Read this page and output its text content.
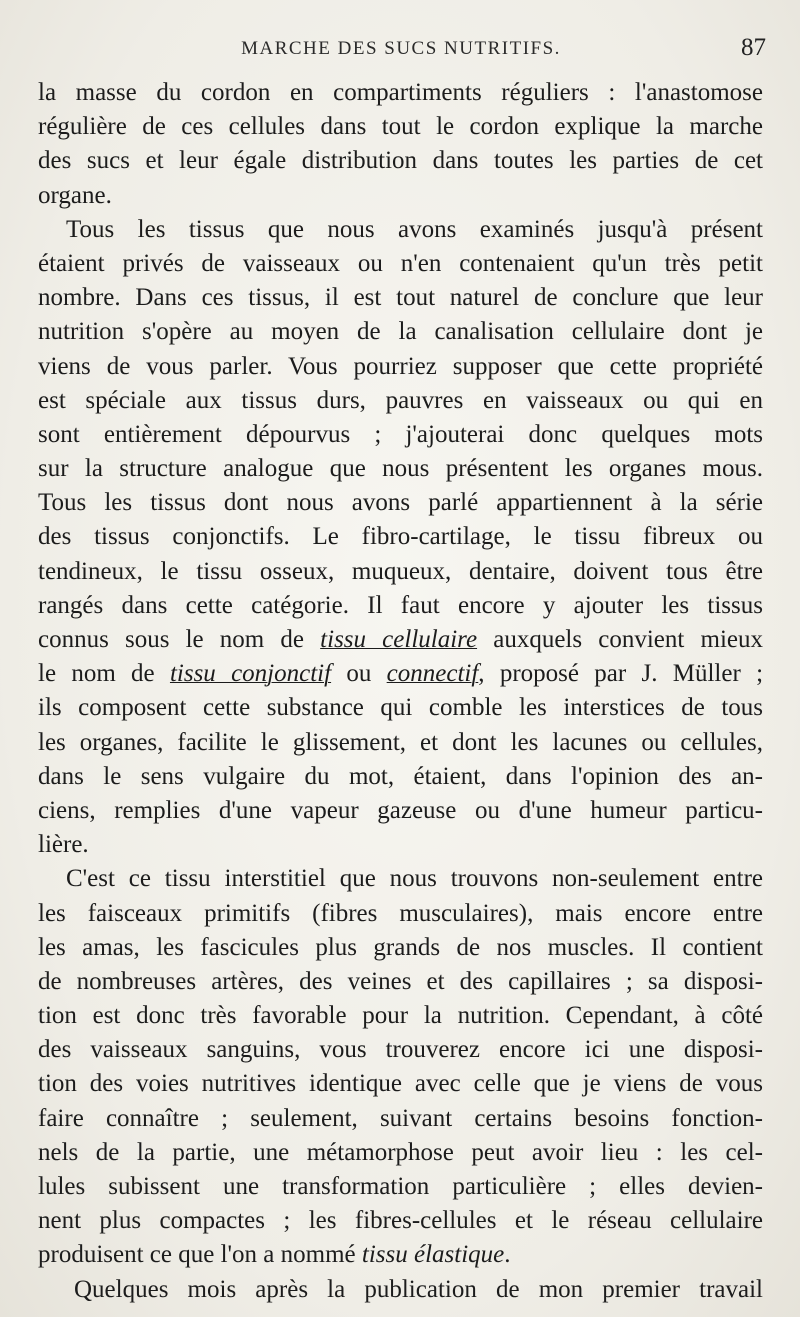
MARCHE DES SUCS NUTRITIFS.	87
la masse du cordon en compartiments réguliers : l'anastomose
régulière de ces cellules dans tout le cordon explique la marche
des sucs et leur égale distribution dans toutes les parties de cet
organe.
Tous les tissus que nous avons examinés jusqu'à présent
étaient privés de vaisseaux ou n'en contenaient qu'un très petit
nombre. Dans ces tissus, il est tout naturel de conclure que leur
nutrition s'opère au moyen de la canalisation cellulaire dont je
viens de vous parler. Vous pourriez supposer que cette propriété
est spéciale aux tissus durs, pauvres en vaisseaux ou qui en
sont entièrement dépourvus ; j'ajouterai donc quelques mots
sur la structure analogue que nous présentent les organes mous.
Tous les tissus dont nous avons parlé appartiennent à la série
des tissus conjonctifs. Le fibro-cartilage, le tissu fibreux ou
tendineux, le tissu osseux, muqueux, dentaire, doivent tous être
rangés dans cette catégorie. Il faut encore y ajouter les tissus
connus sous le nom de tissu cellulaire auxquels convient mieux
le nom de tissu conjonctif ou connectif, proposé par J. Müller ;
ils composent cette substance qui comble les interstices de tous
les organes, facilite le glissement, et dont les lacunes ou cellules,
dans le sens vulgaire du mot, étaient, dans l'opinion des an-
ciens, remplies d'une vapeur gazeuse ou d'une humeur particu-
lière.
C'est ce tissu interstitiel que nous trouvons non-seulement entre
les faisceaux primitifs (fibres musculaires), mais encore entre
les amas, les fascicules plus grands de nos muscles. Il contient
de nombreuses artères, des veines et des capillaires ; sa disposi-
tion est donc très favorable pour la nutrition. Cependant, à côté
des vaisseaux sanguins, vous trouverez encore ici une disposi-
tion des voies nutritives identique avec celle que je viens de vous
faire connaître ; seulement, suivant certains besoins fonction-
nels de la partie, une métamorphose peut avoir lieu : les cel-
lules subissent une transformation particulière ; elles devien-
nent plus compactes ; les fibres-cellules et le réseau cellulaire
produisent ce que l'on a nommé tissu élastique.
Quelques mois après la publication de mon premier travail
